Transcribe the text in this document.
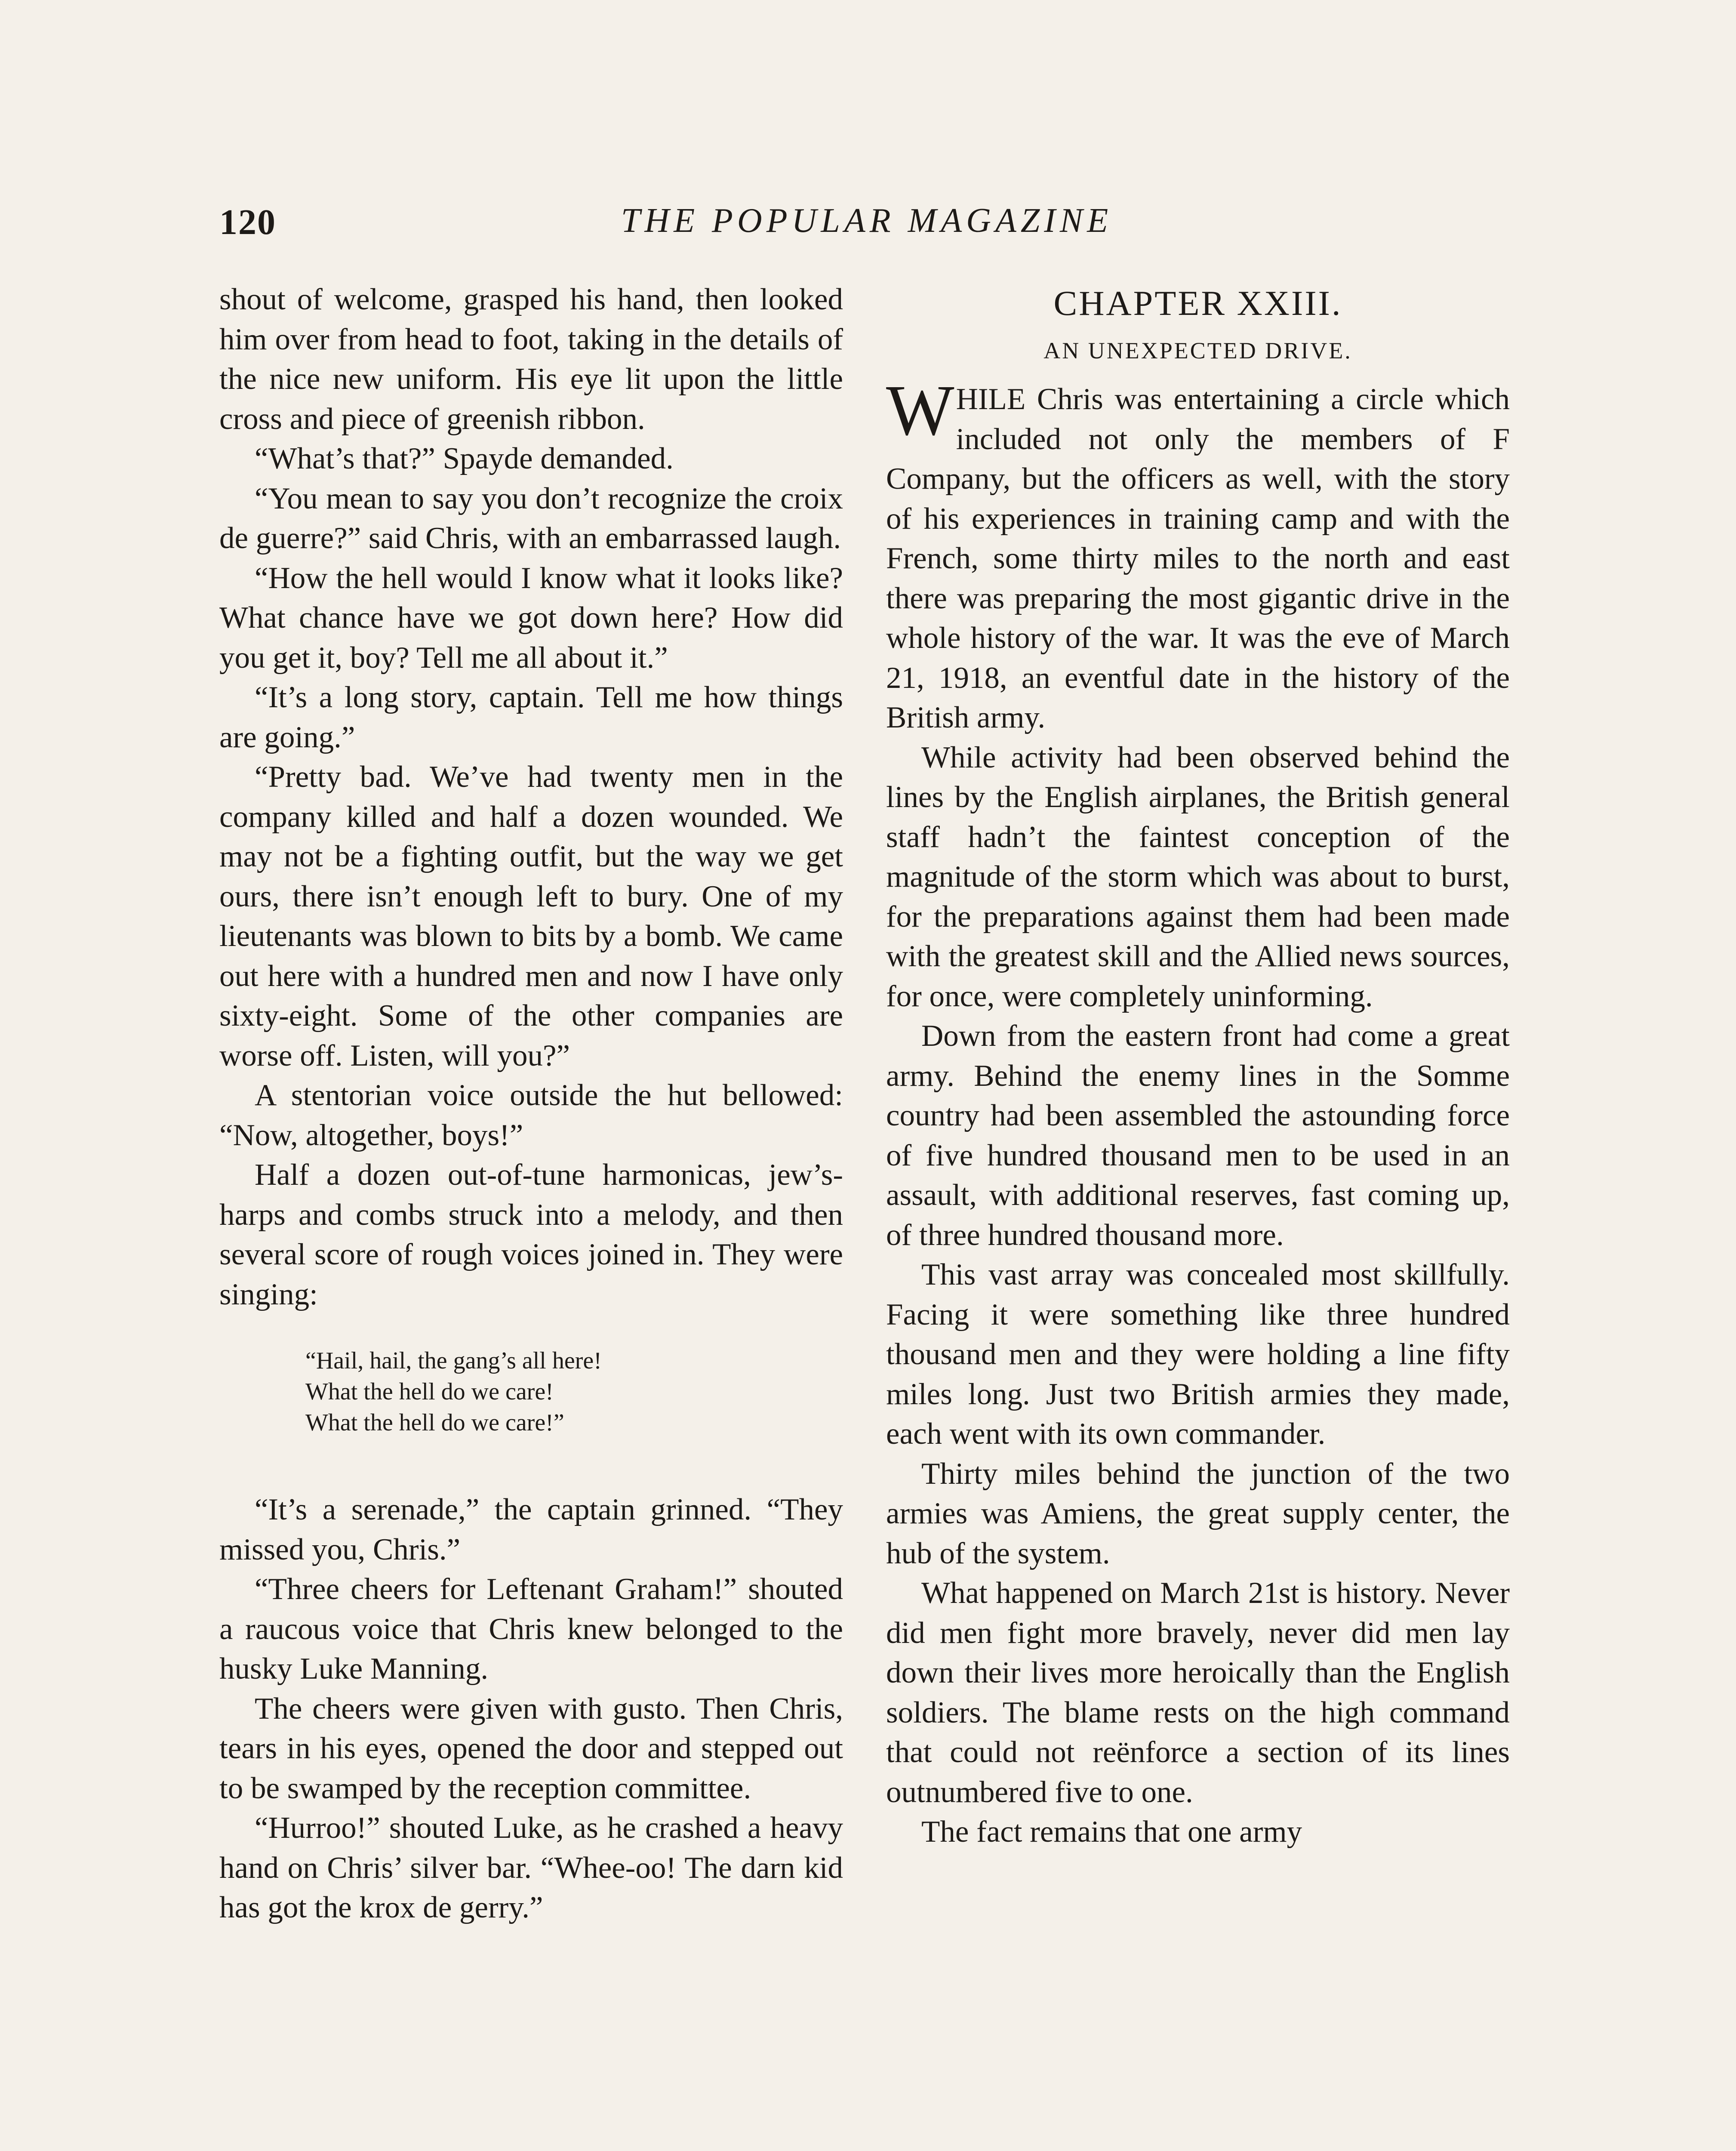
120	THE POPULAR MAGAZINE

shout of welcome, grasped his hand, then looked him over from head to foot, taking in the details of the nice new uniform. His eye lit upon the little cross and piece of greenish ribbon.

“What’s that?” Spayde demanded.

“You mean to say you don’t recognize the croix de guerre?” said Chris, with an embarrassed laugh.

“How the hell would I know what it looks like? What chance have we got down here? How did you get it, boy? Tell me all about it.”

“It’s a long story, captain. Tell me how things are going.”

“Pretty bad. We’ve had twenty men in the company killed and half a dozen wounded. We may not be a fighting outfit, but the way we get ours, there isn’t enough left to bury. One of my lieutenants was blown to bits by a bomb. We came out here with a hundred men and now I have only sixty-eight. Some of the other companies are worse off. Listen, will you?”

A stentorian voice outside the hut bellowed: “Now, altogether, boys!”

Half a dozen out-of-tune harmonicas, jew’s-harps and combs struck into a melody, and then several score of rough voices joined in. They were singing:

“Hail, hail, the gang’s all here!

What the hell do we care!

What the hell do we care!”

“It’s a serenade,” the captain grinned. “They missed you, Chris.”

“Three cheers for Leftenant Graham!” shouted a raucous voice that Chris knew belonged to the husky Luke Manning.

The cheers were given with gusto. Then Chris, tears in his eyes, opened the door and stepped out to be swamped by the reception committee.

“Hurroo!” shouted Luke, as he crashed a heavy hand on Chris’ silver bar. “Whee-oo! The darn kid has got the krox de gerry.”

CHAPTER XXIII.
AN UNEXPECTED DRIVE.

WHILE Chris was entertaining a circle which included not only the members of F Company, but the officers as well, with the story of his experiences in training camp and with the French, some thirty miles to the north and east there was preparing the most gigantic drive in the whole history of the war. It was the eve of March 21, 1918, an eventful date in the history of the British army.

While activity had been observed behind the lines by the English airplanes, the British general staff hadn’t the faintest conception of the magnitude of the storm which was about to burst, for the preparations against them had been made with the greatest skill and the Allied news sources, for once, were completely uninforming.

Down from the eastern front had come a great army. Behind the enemy lines in the Somme country had been assembled the astounding force of five hundred thousand men to be used in an assault, with additional reserves, fast coming up, of three hundred thousand more.

This vast array was concealed most skillfully. Facing it were something like three hundred thousand men and they were holding a line fifty miles long. Just two British armies they made, each went with its own commander.

Thirty miles behind the junction of the two armies was Amiens, the great supply center, the hub of the system.

What happened on March 21st is history. Never did men fight more bravely, never did men lay down their lives more heroically than the English soldiers. The blame rests on the high command that could not reënforce a section of its lines outnumbered five to one.

The fact remains that one army
